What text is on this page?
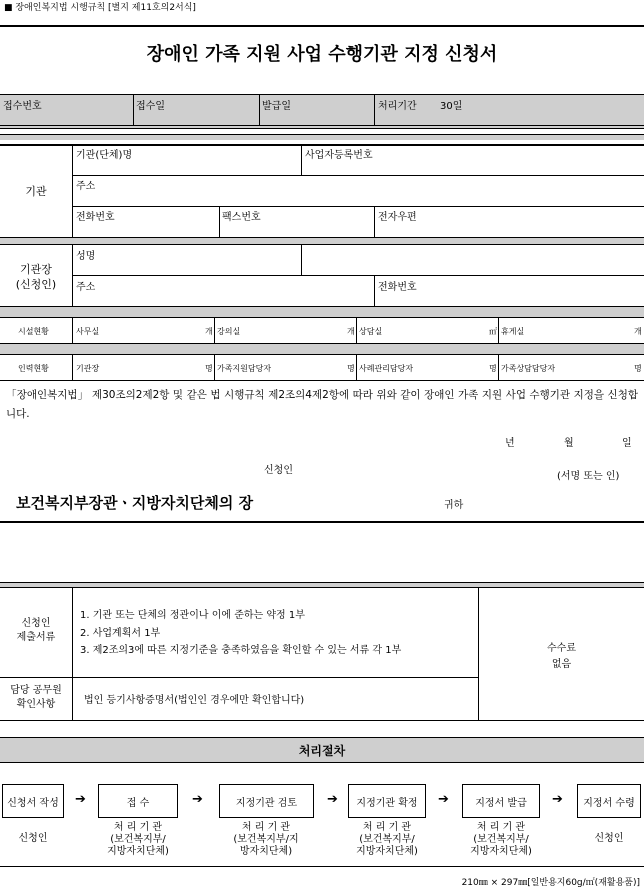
■ 장애인복지법 시행규칙 [별지 제11호의2서식]
장애인 가족 지원 사업 수행기관 지정 신청서
접수번호	접수일	발급일	처리기간 30일
기관
기관(단체)명	사업자등록번호
주소
전화번호	팩스번호	전자우편
기관장
(신청인)
성명
주소	전화번호
시설현황	사무실	개 강의실	개 상담실	㎡ 휴게실	개
인력현황	기관장	명 가족지원담당자	명 사례관리담당자	명 가족상담담당자	명
「장애인복지법」 제30조의2제2항 및 같은 법 시행규칙 제2조의4제2항에 따라 위와 같이 장애인 가족 지원 사업 수행기관 지정을 신청합니다.
년	월	일
신청인
(서명 또는 인)
보건복지부장관ㆍ지방자치단체의 장	귀하
신청인
제출서류
1. 기관 또는 단체의 정관이나 이에 준하는 약정 1부
2. 사업계획서 1부
3. 제2조의3에 따른 지정기준을 충족하였음을 확인할 수 있는 서류 각 1부
담당 공무원
확인사항	법인 등기사항증명서(법인인 경우에만 확인합니다)
수수료
없음
처리절차
신청서 작성	➔	접 수	➔	지정기관 검토	➔	지정기관 확정	➔	지정서 발급	➔	지정서 수령
신청인
처 리 기 관
(보건복지부/
지방자치단체)
처 리 기 관
(보건복지부/지
방자치단체)
처 리 기 관
(보건복지부/
지방자치단체)
처 리 기 관
(보건복지부/
지방자치단체)
신청인
210㎜ × 297㎜[일반용지60g/㎡(재활용품)]
